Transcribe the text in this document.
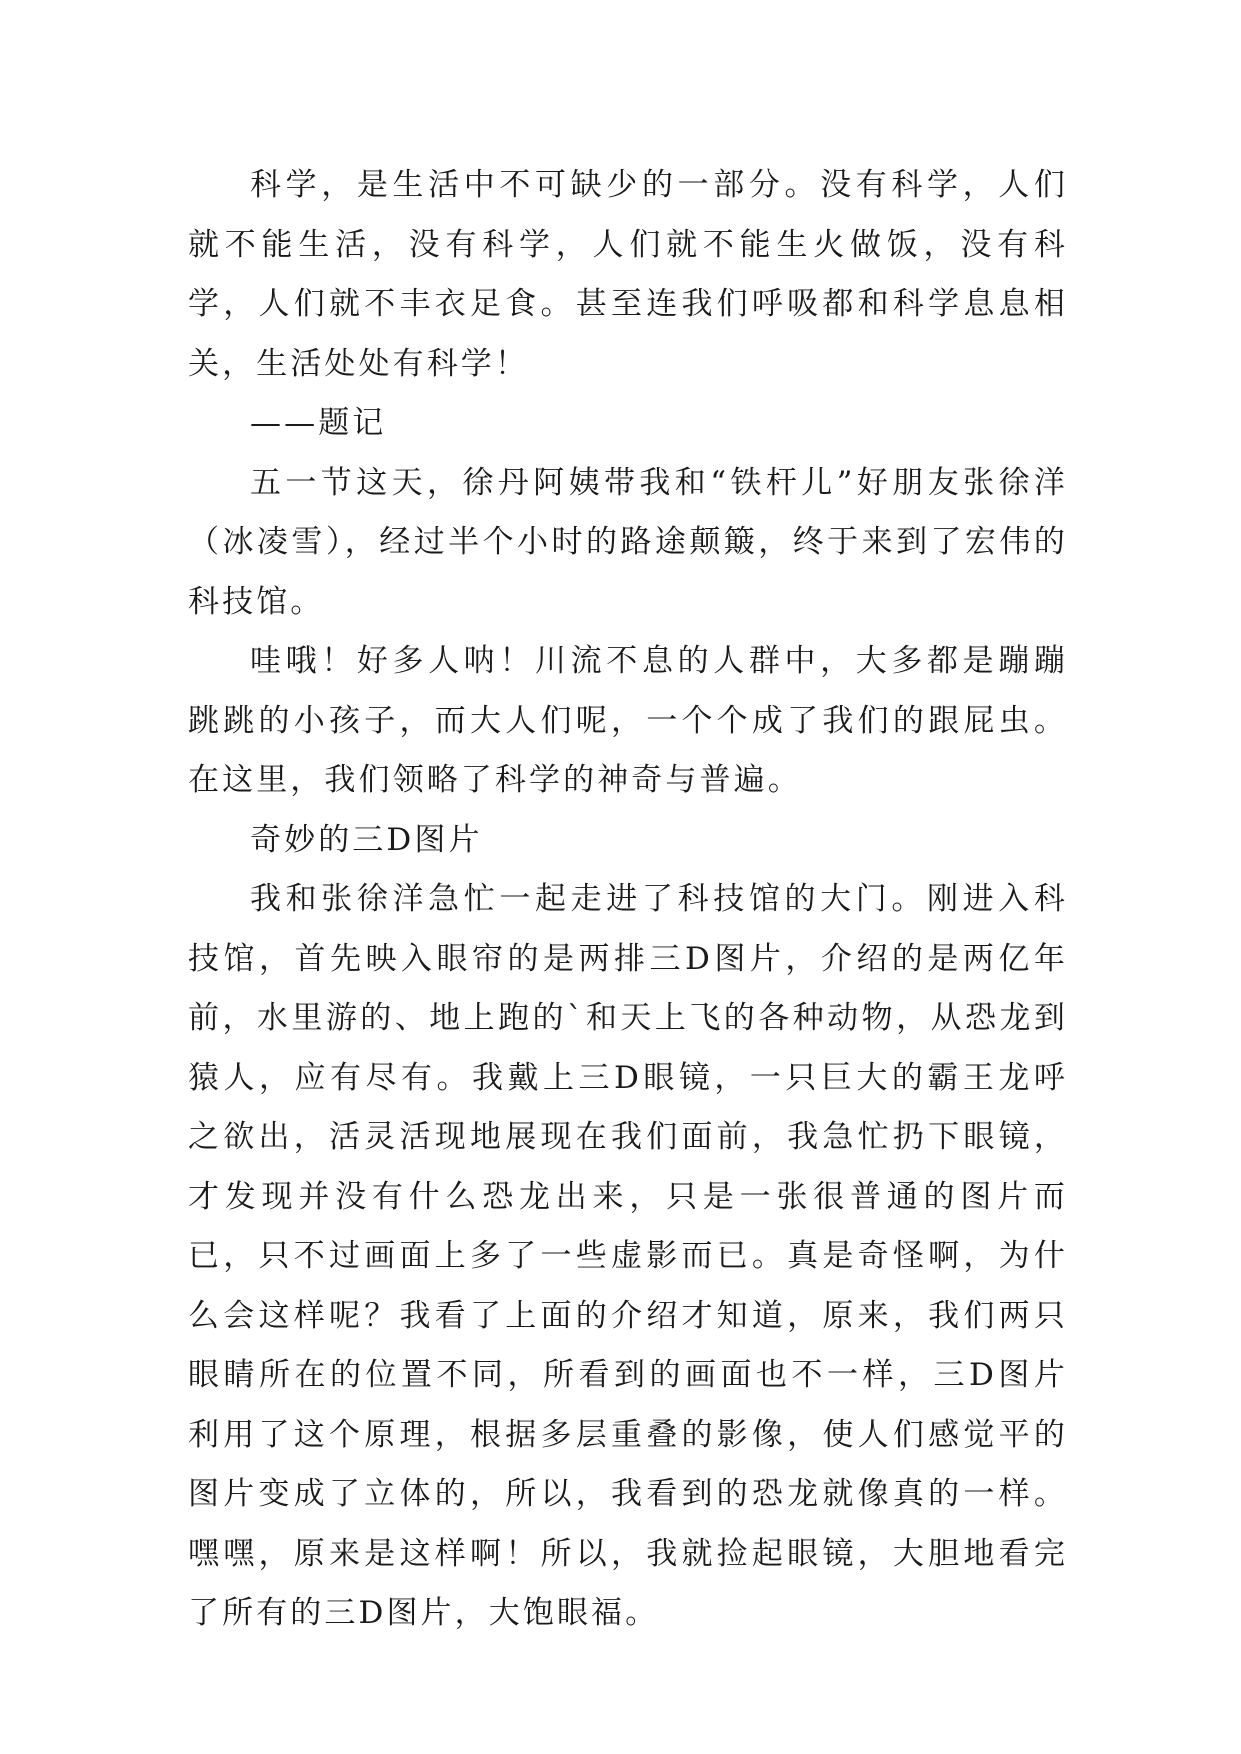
科学，是生活中不可缺少的一部分。没有科学，人们就不能生活，没有科学，人们就不能生火做饭，没有科学，人们就不丰衣足食。甚至连我们呼吸都和科学息息相关，生活处处有科学！

——题记

五一节这天，徐丹阿姨带我和“铁杆儿”好朋友张徐洋（冰凌雪），经过半个小时的路途颠簸，终于来到了宏伟的科技馆。

哇哦！好多人呐！川流不息的人群中，大多都是蹦蹦跳跳的小孩子，而大人们呢，一个个成了我们的跟屁虫。在这里，我们领略了科学的神奇与普遍。

奇妙的三D图片

我和张徐洋急忙一起走进了科技馆的大门。刚进入科技馆，首先映入眼帘的是两排三D图片，介绍的是两亿年前，水里游的、地上跑的`和天上飞的各种动物，从恐龙到猿人，应有尽有。我戴上三D眼镜，一只巨大的霸王龙呼之欲出，活灵活现地展现在我们面前，我急忙扔下眼镜，才发现并没有什么恐龙出来，只是一张很普通的图片而已，只不过画面上多了一些虚影而已。真是奇怪啊，为什么会这样呢？我看了上面的介绍才知道，原来，我们两只眼睛所在的位置不同，所看到的画面也不一样，三D图片利用了这个原理，根据多层重叠的影像，使人们感觉平的图片变成了立体的，所以，我看到的恐龙就像真的一样。嘿嘿，原来是这样啊！所以，我就捡起眼镜，大胆地看完了所有的三D图片，大饱眼福。
